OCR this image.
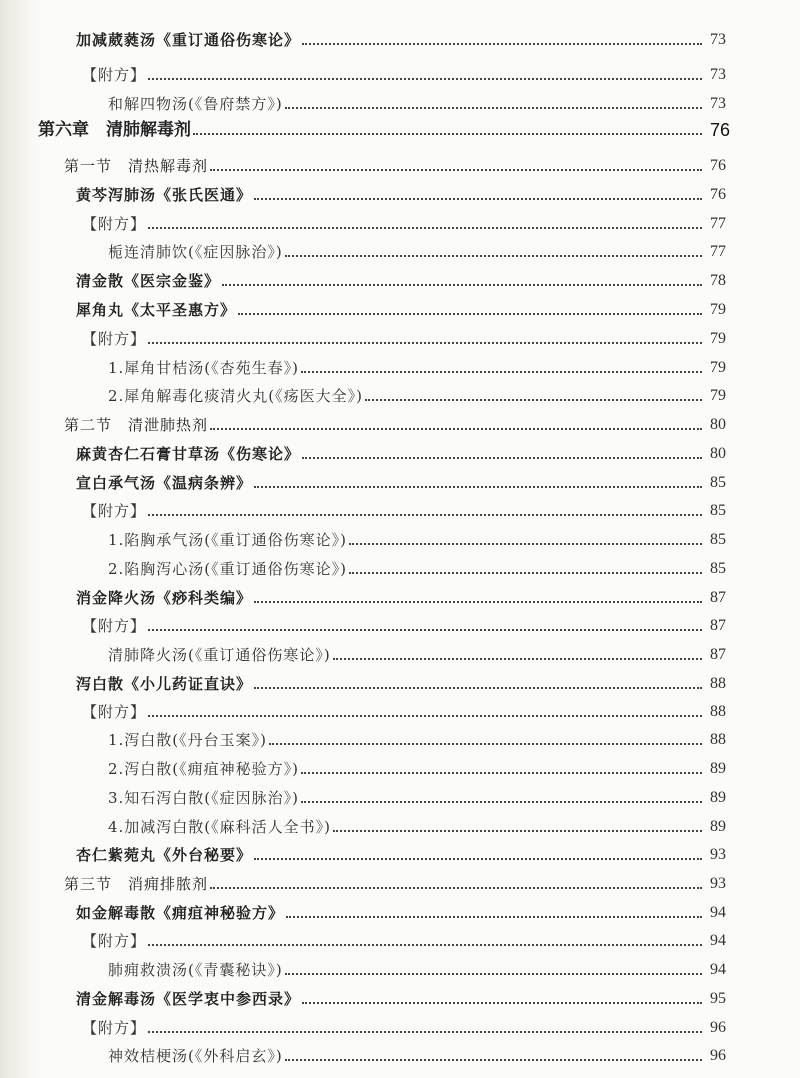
加减葳蕤汤《重订通俗伤寒论》	73
【附方】	73
和解四物汤(《鲁府禁方》)	73
第六章　清肺解毒剂	76
第一节　清热解毒剂	76
黄芩泻肺汤《张氏医通》	76
【附方】	77
栀连清肺饮(《症因脉治》)	77
清金散《医宗金鉴》	78
犀角丸《太平圣惠方》	79
【附方】	79
1.犀角甘桔汤(《杏苑生春》)	79
2.犀角解毒化痰清火丸(《疡医大全》)	79
第二节　清泄肺热剂	80
麻黄杏仁石膏甘草汤《伤寒论》	80
宣白承气汤《温病条辨》	85
【附方】	85
1.陷胸承气汤(《重订通俗伤寒论》)	85
2.陷胸泻心汤(《重订通俗伤寒论》)	85
消金降火汤《痧科类编》	87
【附方】	87
清肺降火汤(《重订通俗伤寒论》)	87
泻白散《小儿药证直诀》	88
【附方】	88
1.泻白散(《丹台玉案》)	88
2.泻白散(《痈疽神秘验方》)	89
3.知石泻白散(《症因脉治》)	89
4.加减泻白散(《麻科活人全书》)	89
杏仁紫菀丸《外台秘要》	93
第三节　消痈排脓剂	93
如金解毒散《痈疽神秘验方》	94
【附方】	94
肺痈救溃汤(《青囊秘诀》)	94
清金解毒汤《医学衷中参西录》	95
【附方】	96
神效桔梗汤(《外科启玄》)	96
